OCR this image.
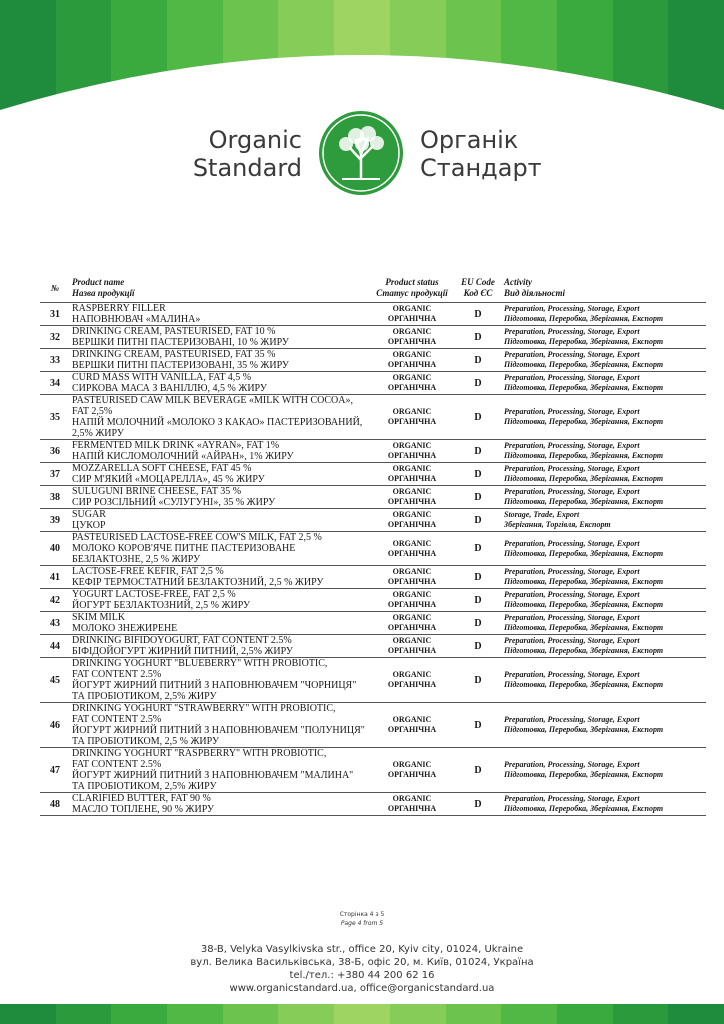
Organic
Standard
Органік
Стандарт
№	Product name
Назва продукції	Product status
Статус продукції	EU Code
Код ЄС	Activity
Вид діяльності

31	RASPBERRY FILLER
НАПОВНЮВАЧ «МАЛИНА»	ORGANIC
ОРГАНІЧНА	D	Preparation, Processing, Storage, Export
Підготовка, Переробка, Зберігання, Експорт

32	DRINKING CREAM, PASTEURISED, FAT 10 %
ВЕРШКИ ПИТНІ ПАСТЕРИЗОВАНІ, 10 % ЖИРУ	ORGANIC
ОРГАНІЧНА	D	Preparation, Processing, Storage, Export
Підготовка, Переробка, Зберігання, Експорт

33	DRINKING CREAM, PASTEURISED, FAT 35 %
ВЕРШКИ ПИТНІ ПАСТЕРИЗОВАНІ, 35 % ЖИРУ	ORGANIC
ОРГАНІЧНА	D	Preparation, Processing, Storage, Export
Підготовка, Переробка, Зберігання, Експорт

34	CURD MASS WITH VANILLA, FAT 4,5 %
СИРКОВА МАСА З ВАНІЛЛЮ, 4,5 % ЖИРУ	ORGANIC
ОРГАНІЧНА	D	Preparation, Processing, Storage, Export
Підготовка, Переробка, Зберігання, Експорт

35	PASTEURISED CAW MILK BEVERAGE «MILK WITH COCOA»,
FAT 2,5%
НАПІЙ МОЛОЧНИЙ «МОЛОКО З КАКАО» ПАСТЕРИЗОВАНИЙ,
2,5% ЖИРУ	ORGANIC
ОРГАНІЧНА	D	Preparation, Processing, Storage, Export
Підготовка, Переробка, Зберігання, Експорт

36	FERMENTED MILK DRINK «AYRAN», FAT 1%
НАПІЙ КИСЛОМОЛОЧНИЙ «АЙРАН», 1% ЖИРУ	ORGANIC
ОРГАНІЧНА	D	Preparation, Processing, Storage, Export
Підготовка, Переробка, Зберігання, Експорт

37	MOZZARELLA SOFT CHEESE, FAT 45 %
СИР М'ЯКИЙ «МОЦАРЕЛЛА», 45 % ЖИРУ	ORGANIC
ОРГАНІЧНА	D	Preparation, Processing, Storage, Export
Підготовка, Переробка, Зберігання, Експорт

38	SULUGUNI BRINE CHEESE, FAT 35 %
СИР РОЗСІЛЬНИЙ «СУЛУГУНІ», 35 % ЖИРУ	ORGANIC
ОРГАНІЧНА	D	Preparation, Processing, Storage, Export
Підготовка, Переробка, Зберігання, Експорт

39	SUGAR
ЦУКОР	ORGANIC
ОРГАНІЧНА	D	Storage, Trade, Export
Зберігання, Торгівля, Експорт

40	PASTEURISED LACTOSE-FREE COW'S MILK, FAT 2,5 %
МОЛОКО КОРОВ'ЯЧЕ ПИТНЕ ПАСТЕРИЗОВАНЕ
БЕЗЛАКТОЗНЕ, 2,5 % ЖИРУ	ORGANIC
ОРГАНІЧНА	D	Preparation, Processing, Storage, Export
Підготовка, Переробка, Зберігання, Експорт

41	LACTOSE-FREE KEFIR, FAT 2,5 %
КЕФІР ТЕРМОСТАТНИЙ БЕЗЛАКТОЗНИЙ, 2,5 % ЖИРУ	ORGANIC
ОРГАНІЧНА	D	Preparation, Processing, Storage, Export
Підготовка, Переробка, Зберігання, Експорт

42	YOGURT LACTOSE-FREE, FAT 2,5 %
ЙОГУРТ БЕЗЛАКТОЗНИЙ, 2,5 % ЖИРУ	ORGANIC
ОРГАНІЧНА	D	Preparation, Processing, Storage, Export
Підготовка, Переробка, Зберігання, Експорт

43	SKIM MILK
МОЛОКО ЗНЕЖИРЕНЕ	ORGANIC
ОРГАНІЧНА	D	Preparation, Processing, Storage, Export
Підготовка, Переробка, Зберігання, Експорт

44	DRINKING BIFIDOYOGURT, FAT CONTENT 2.5%
БІФІДОЙОГУРТ ЖИРНИЙ ПИТНИЙ, 2,5% ЖИРУ	ORGANIC
ОРГАНІЧНА	D	Preparation, Processing, Storage, Export
Підготовка, Переробка, Зберігання, Експорт

45	DRINKING YOGHURT "BLUEBERRY" WITH PROBIOTIC,
FAT CONTENT 2.5%
ЙОГУРТ ЖИРНИЙ ПИТНИЙ З НАПОВНЮВАЧЕМ "ЧОРНИЦЯ"
ТА ПРОБІОТИКОМ, 2,5% ЖИРУ	ORGANIC
ОРГАНІЧНА	D	Preparation, Processing, Storage, Export
Підготовка, Переробка, Зберігання, Експорт

46	DRINKING YOGHURT "STRAWBERRY" WITH PROBIOTIC,
FAT CONTENT 2.5%
ЙОГУРТ ЖИРНИЙ ПИТНИЙ З НАПОВНЮВАЧЕМ "ПОЛУНИЦЯ"
ТА ПРОБІОТИКОМ, 2,5 % ЖИРУ	ORGANIC
ОРГАНІЧНА	D	Preparation, Processing, Storage, Export
Підготовка, Переробка, Зберігання, Експорт

47	DRINKING YOGHURT "RASPBERRY" WITH PROBIOTIC,
FAT CONTENT 2.5%
ЙОГУРТ ЖИРНИЙ ПИТНИЙ З НАПОВНЮВАЧЕМ "МАЛИНА"
ТА ПРОБІОТИКОМ, 2,5% ЖИРУ	ORGANIC
ОРГАНІЧНА	D	Preparation, Processing, Storage, Export
Підготовка, Переробка, Зберігання, Експорт

48	CLARIFIED BUTTER, FAT 90 %
МАСЛО ТОПЛЕНЕ, 90 % ЖИРУ	ORGANIC
ОРГАНІЧНА	D	Preparation, Processing, Storage, Export
Підготовка, Переробка, Зберігання, Експорт
Сторінка 4 з 5
Page 4 from 5
38-B, Velyka Vasylkivska str., office 20, Kyiv city, 01024, Ukraine
вул. Велика Васильківська, 38-Б, офіс 20, м. Київ, 01024, Україна
tel./тел.: +380 44 200 62 16
www.organicstandard.ua, office@organicstandard.ua
